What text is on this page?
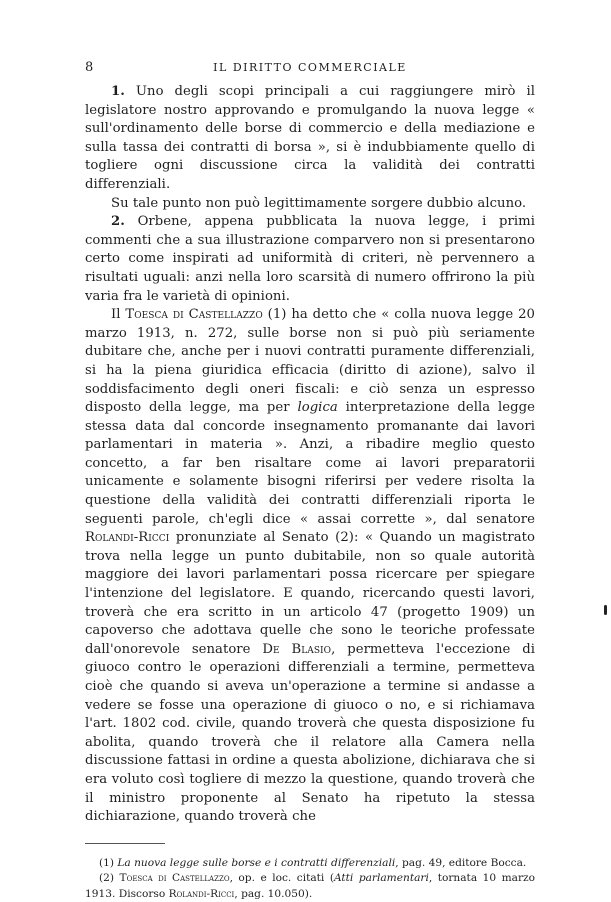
8	IL DIRITTO COMMERCIALE

1. Uno degli scopi principali a cui raggiungere mirò il legislatore nostro approvando e promulgando la nuova legge « sull'ordinamento delle borse di commercio e della mediazione e sulla tassa dei contratti di borsa », si è indubbiamente quello di togliere ogni discussione circa la validità dei contratti differenziali.

Su tale punto non può legittimamente sorgere dubbio alcuno.

2. Orbene, appena pubblicata la nuova legge, i primi commenti che a sua illustrazione comparvero non si presentarono certo come inspirati ad uniformità di criteri, nè pervennero a risultati uguali: anzi nella loro scarsità di numero offrirono la più varia fra le varietà di opinioni.

Il Toesca di Castellazzo (1) ha detto che « colla nuova legge 20 marzo 1913, n. 272, sulle borse non si può più seriamente dubitare che, anche per i nuovi contratti puramente differenziali, si ha la piena giuridica efficacia (diritto di azione), salvo il soddisfacimento degli oneri fiscali: e ciò senza un espresso disposto della legge, ma per logica interpretazione della legge stessa data dal concorde insegnamento promanante dai lavori parlamentari in materia ». Anzi, a ribadire meglio questo concetto, a far ben risaltare come ai lavori preparatorii unicamente e solamente bisogni riferirsi per vedere risolta la questione della validità dei contratti differenziali riporta le seguenti parole, ch'egli dice « assai corrette », dal senatore Rolandi-Ricci pronunziate al Senato (2): « Quando un magistrato trova nella legge un punto dubitabile, non so quale autorità maggiore dei lavori parlamentari possa ricercare per spiegare l'intenzione del legislatore. E quando, ricercando questi lavori, troverà che era scritto in un articolo 47 (progetto 1909) un capoverso che adottava quelle che sono le teoriche professate dall'onorevole senatore De Blasio, permetteva l'eccezione di giuoco contro le operazioni differenziali a termine, permetteva cioè che quando si aveva un'operazione a termine si andasse a vedere se fosse una operazione di giuoco o no, e si richiamava l'art. 1802 cod. civile, quando troverà che questa disposizione fu abolita, quando troverà che il relatore alla Camera nella discussione fattasi in ordine a questa abolizione, dichiarava che si era voluto così togliere di mezzo la questione, quando troverà che il ministro proponente al Senato ha ripetuto la stessa dichiarazione, quando troverà che

(1) La nuova legge sulle borse e i contratti differenziali, pag. 49, editore Bocca.

(2) Toesca di Castellazzo, op. e loc. citati (Atti parlamentari, tornata 10 marzo 1913. Discorso Rolandi-Ricci, pag. 10.050).
